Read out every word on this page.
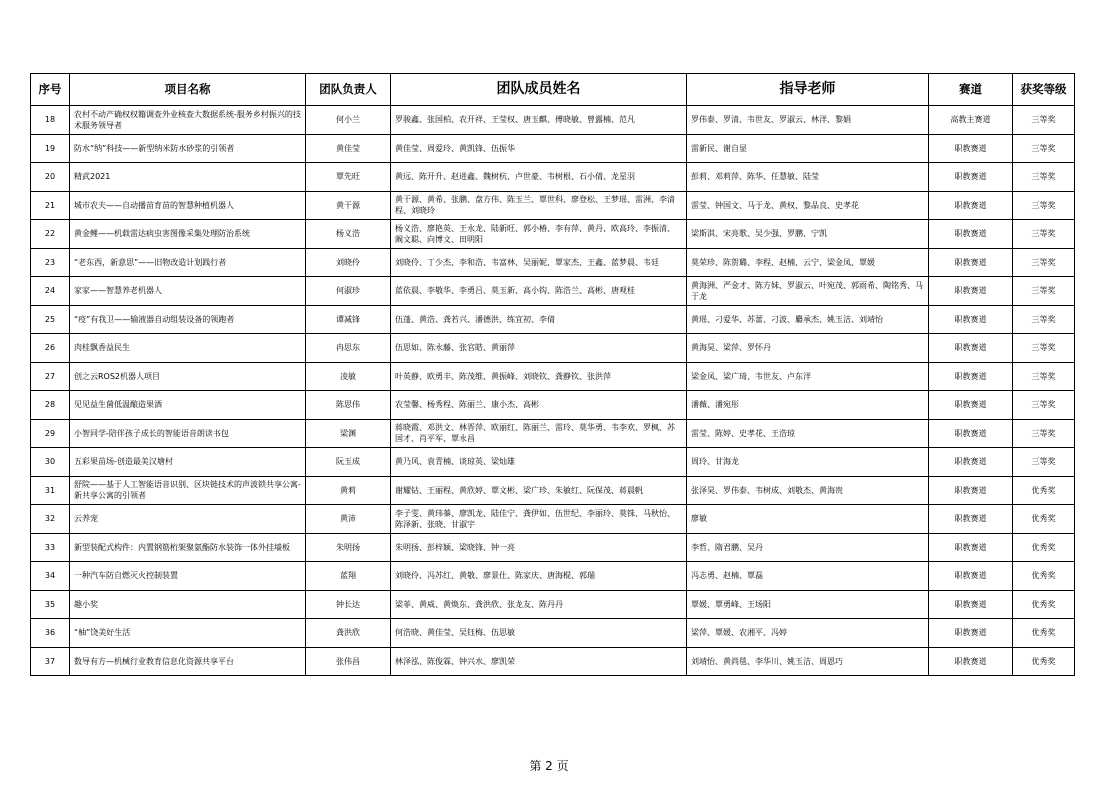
序号	项目名称	团队负责人	团队成员姓名	指导老师	赛道	获奖等级
18	农村不动产确权权籍调查外业核查大数据系统-服务乡村振兴的技术服务领导者	何小兰	罗骏鑫、张国柏、农开祥、王莹权、唐玉麒、傅晓敏、曾露楠、范凡	罗伟泰、罗清、韦世友、罗淑云、林洋、黎娟	高教主赛道	三等奖
19	防水“纳”科技——新型纳米防水砂浆的引领者	黄佳莹	黄佳莹、周爱玲、黄凯锋、伍振华	雷新民、谢自显	职教赛道	三等奖
20	精武2021	覃先旺	黄远、陈开升、赵进鑫、魏树杭、卢世豪、韦树根、石小倩、龙星羽	彭莉、邓莉萍、陈华、任慧敏、陆莹	职教赛道	三等奖
21	城市农夫——自动播苗育苗的智慧种植机器人	黄干源	黄干源、黄希、张鹏、盘方伟、陈玉兰、覃世科、廖登松、王梦瑶、雷洲、李清程、刘晓玲	雷莹、钟国文、马于龙、黄权、黎品良、史孝花	职教赛道	三等奖
22	黄金鲤——机载雷达病虫害图像采集处理防治系统	杨义浩	杨义浩、廖艳英、王永龙、陆新旺、郭小椿、李有萍、黄丹、欧高玲、李振清、阚文聪、向博文、田明阳	梁斯淇、宋亮歌、吴少强、罗鹏、宁凯	职教赛道	三等奖
23	“老东西，新意思”——旧物改造计划践行者	刘晓伶	刘晓伶、丁少杰、李和浩、韦富林、吴丽妮、覃家杰、王鑫、蓝梦晨、韦廷	莫荣珍、陈贺璐、李程、赵楠、云宁、梁金凤、覃媛	职教赛道	三等奖
24	家家——智慧养老机器人	何淑珍	蓝依晨、李敬华、李勇吕、莫玉新、高小钩、陈浩兰、高彬、唐观桂	黄海洲、严金才、陈方妹、罗淑云、叶宛茂、郭雨希、陶铭秀、马于龙	职教赛道	三等奖
25	“疫”有我卫——输液器自动组装设备的领跑者	谭减锋	伍蓬、黄浩、龚若兴、潘德洪、练宜初、李倩	黄瑶、刁爱华、苏蕾、刁波、麝承杰、姚玉洁、刘靖怡	职教赛道	三等奖
26	肉桂飘香益民生	冉思东	伍思如、陈永藤、张官皓、黄丽萍	黄海昊、梁萍、罗怀丹	职教赛道	三等奖
27	创之云ROS2机器人项目	凌敏	叶英静、欧勇丰、陈茂维、黄振峰、刘晓钦、龚静钦、张洪萍	梁金凤、梁广琦、韦世友、卢东洋	职教赛道	三等奖
28	见见益生菌低温酿造果酒	陈思伟	农莹馨、杨秀程、陈丽兰、康小杰、高彬	潘薇、潘宛彤	职教赛道	三等奖
29	小智同学-陪伴孩子成长的智能语音朗读书包	梁渊	蒋晓霞、邓洪文、林晋萍、欧丽红、陈丽兰、雷玲、莫华勇、韦李欢、罗枫、苏国才、肖平军、覃永昌	雷莹、陈婷、史孝花、王浩琼	职教赛道	三等奖
30	五彩果苗场-创造最美汉塘村	阮玉成	黄乃风、袁青楠、谈琼英、梁灿雄	周玲、甘海龙	职教赛道	三等奖
31	舒院——基于人工智能语音识别、区块链技术的声波锁共享公寓-新共享公寓的引领者	黄莉	谢耀钻、王丽程、黄欣婷、覃文彬、梁广珍、朱敏红、阮保茂、蒋晨帆	张泽昊、罗伟泰、韦树成、刘敬杰、黄海贵	职教赛道	优秀奖
32	云养宠	黄沛	李子雯、黄玮蓁、廖凯龙、陆佳宁、龚伊如、伍世纪、李丽玲、莫铢、马秋怡、陈泽新、张晓、甘淑宇	廖敏	职教赛道	优秀奖
33	新型装配式构件：内置钢筋桁架聚氨酯防水装饰一体外挂墙板	朱明扬	朱明扬、彭梓颖、梁晓锋、钟一亮	李哲、隋君鹏、吴丹	职教赛道	优秀奖
34	一种汽车防自燃灭火控制装置	蓝翔	刘晓伶、冯苏红、黄敬、廖景仕、陈家庆、唐海棍、郭瑞	冯志勇、赵楠、覃磊	职教赛道	优秀奖
35	趣小奖	钟长达	梁菲、黄威、黄焕东、龚洪欣、张龙友、陈丹丹	覃媛、覃勇峰、王场阳	职教赛道	优秀奖
36	“柚”饶美好生活	龚洪欣	何浩晓、黄佳莹、吴钰梅、伍思敏	梁萍、覃媛、农湘平、冯婷	职教赛道	优秀奖
37	数导有方—机械行业教育信息化资源共享平台	张伟昌	林泽泓、陈俊霖、钟兴水、廖凯荣	刘靖怡、黄尚毯、李华川、姚玉洁、周恩巧	职教赛道	优秀奖
第 2 页
